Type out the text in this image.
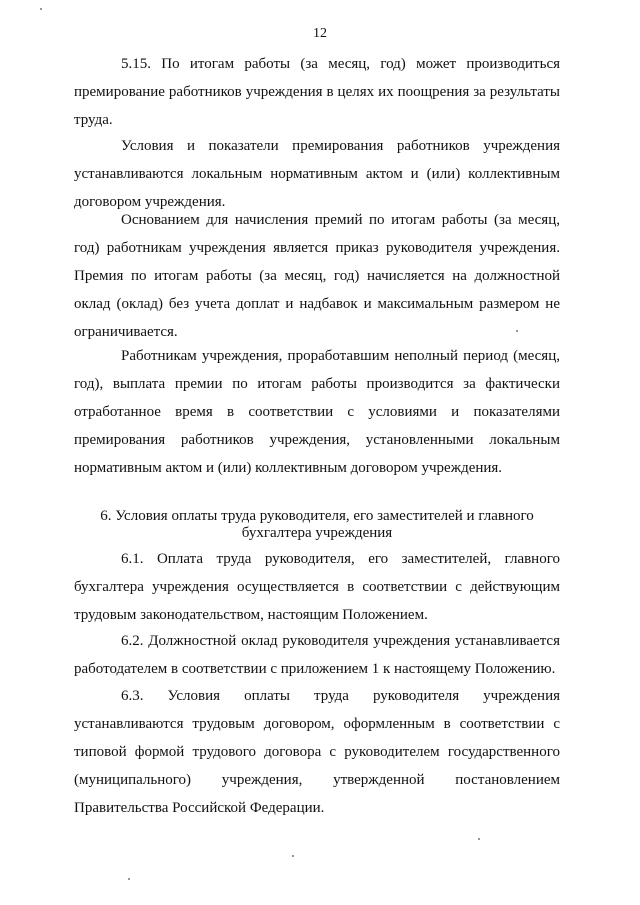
12

5.15. По итогам работы (за месяц, год) может производиться премирование работников учреждения в целях их поощрения за результаты труда.

Условия и показатели премирования работников учреждения устанавливаются локальным нормативным актом и (или) коллективным договором учреждения.

Основанием для начисления премий по итогам работы (за месяц, год) работникам учреждения является приказ руководителя учреждения. Премия по итогам работы (за месяц, год) начисляется на должностной оклад (оклад) без учета доплат и надбавок и максимальным размером не ограничивается.

Работникам учреждения, проработавшим неполный период (месяц, год), выплата премии по итогам работы производится за фактически отработанное время в соответствии с условиями и показателями премирования работников учреждения, установленными локальным нормативным актом и (или) коллективным договором учреждения.

6. Условия оплаты труда руководителя, его заместителей и главного бухгалтера учреждения

6.1. Оплата труда руководителя, его заместителей, главного бухгалтера учреждения осуществляется в соответствии с действующим трудовым законодательством, настоящим Положением.

6.2. Должностной оклад руководителя учреждения устанавливается работодателем в соответствии с приложением 1 к настоящему Положению.

6.3. Условия оплаты труда руководителя учреждения устанавливаются трудовым договором, оформленным в соответствии с типовой формой трудового договора с руководителем государственного (муниципального) учреждения, утвержденной постановлением Правительства Российской Федерации.
